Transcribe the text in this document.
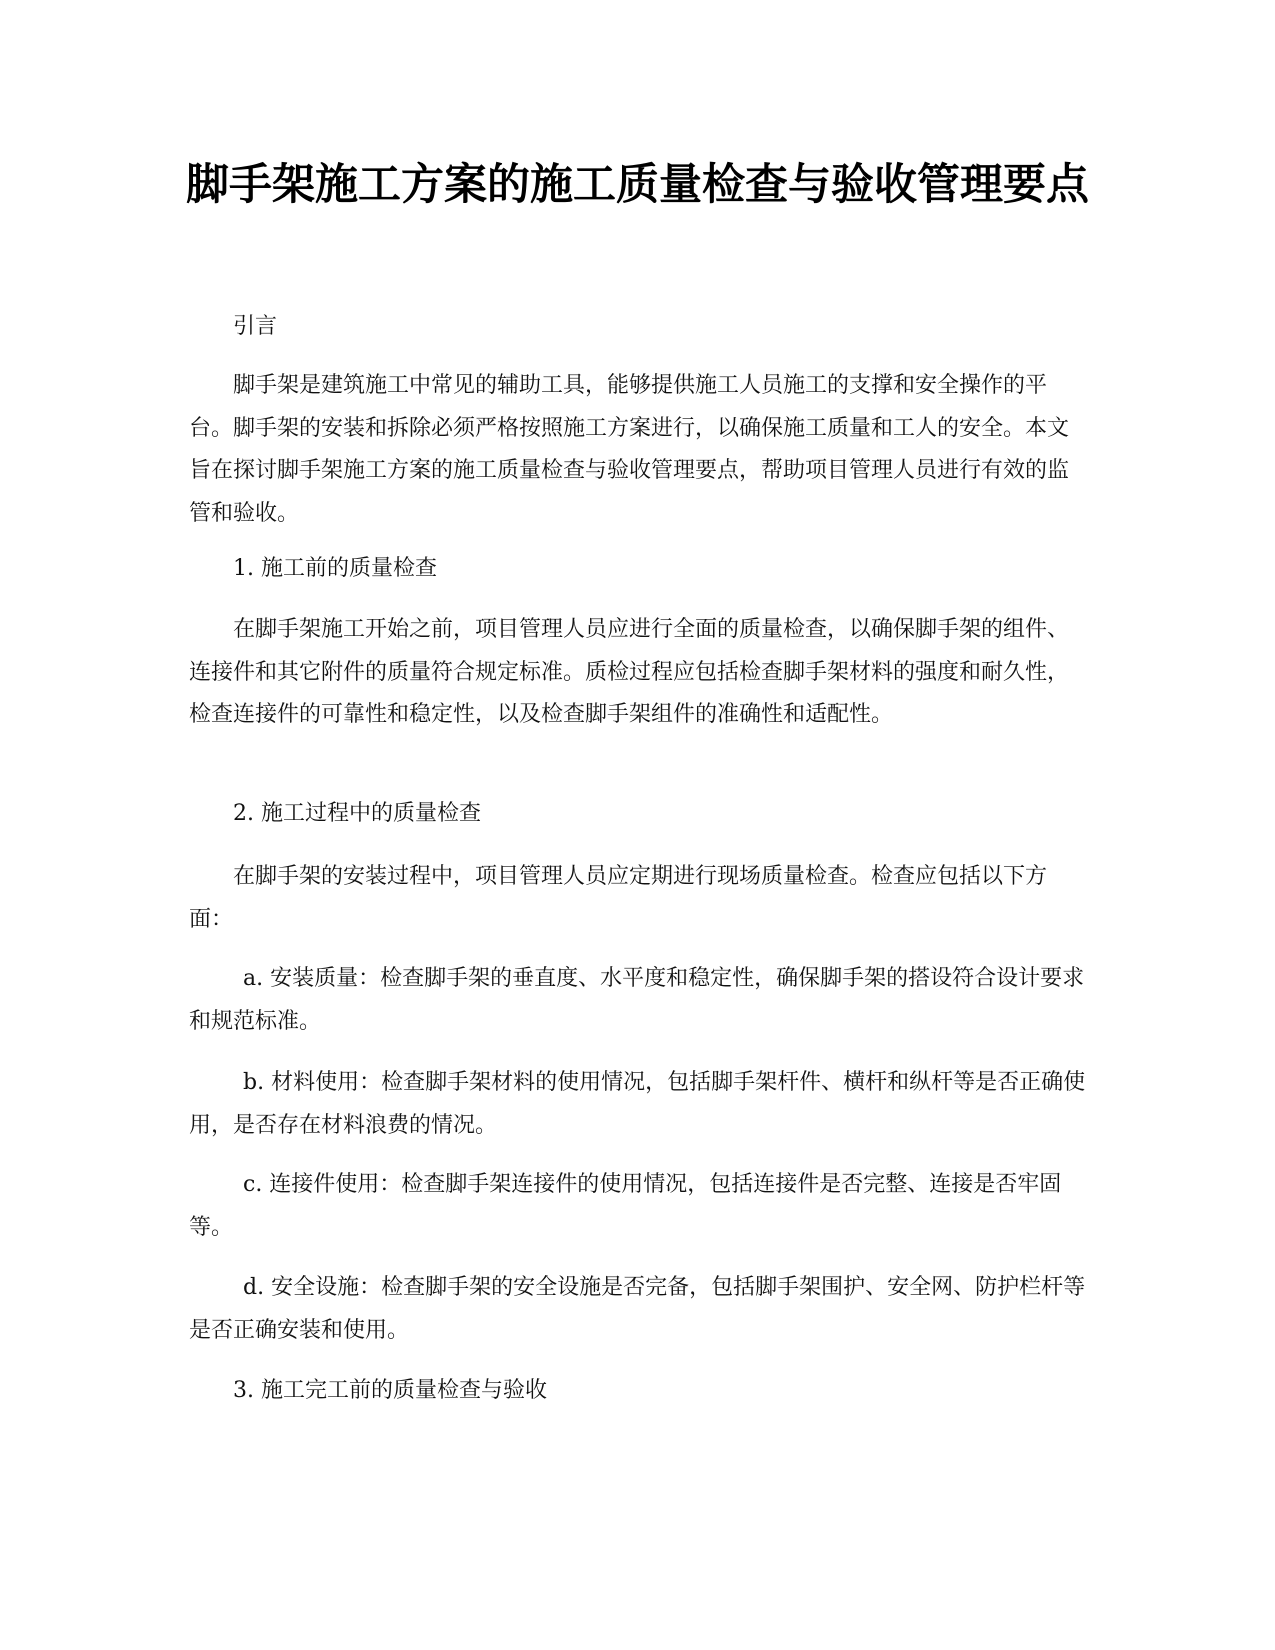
脚手架施工方案的施工质量检查与验收管理要点

引言

脚手架是建筑施工中常见的辅助工具，能够提供施工人员施工的支撑和安全操作的平台。脚手架的安装和拆除必须严格按照施工方案进行，以确保施工质量和工人的安全。本文旨在探讨脚手架施工方案的施工质量检查与验收管理要点，帮助项目管理人员进行有效的监管和验收。

1. 施工前的质量检查

在脚手架施工开始之前，项目管理人员应进行全面的质量检查，以确保脚手架的组件、连接件和其它附件的质量符合规定标准。质检过程应包括检查脚手架材料的强度和耐久性，检查连接件的可靠性和稳定性，以及检查脚手架组件的准确性和适配性。

2. 施工过程中的质量检查

在脚手架的安装过程中，项目管理人员应定期进行现场质量检查。检查应包括以下方面：

a. 安装质量：检查脚手架的垂直度、水平度和稳定性，确保脚手架的搭设符合设计要求和规范标准。

b. 材料使用：检查脚手架材料的使用情况，包括脚手架杆件、横杆和纵杆等是否正确使用，是否存在材料浪费的情况。

c. 连接件使用：检查脚手架连接件的使用情况，包括连接件是否完整、连接是否牢固等。

d. 安全设施：检查脚手架的安全设施是否完备，包括脚手架围护、安全网、防护栏杆等是否正确安装和使用。

3. 施工完工前的质量检查与验收
